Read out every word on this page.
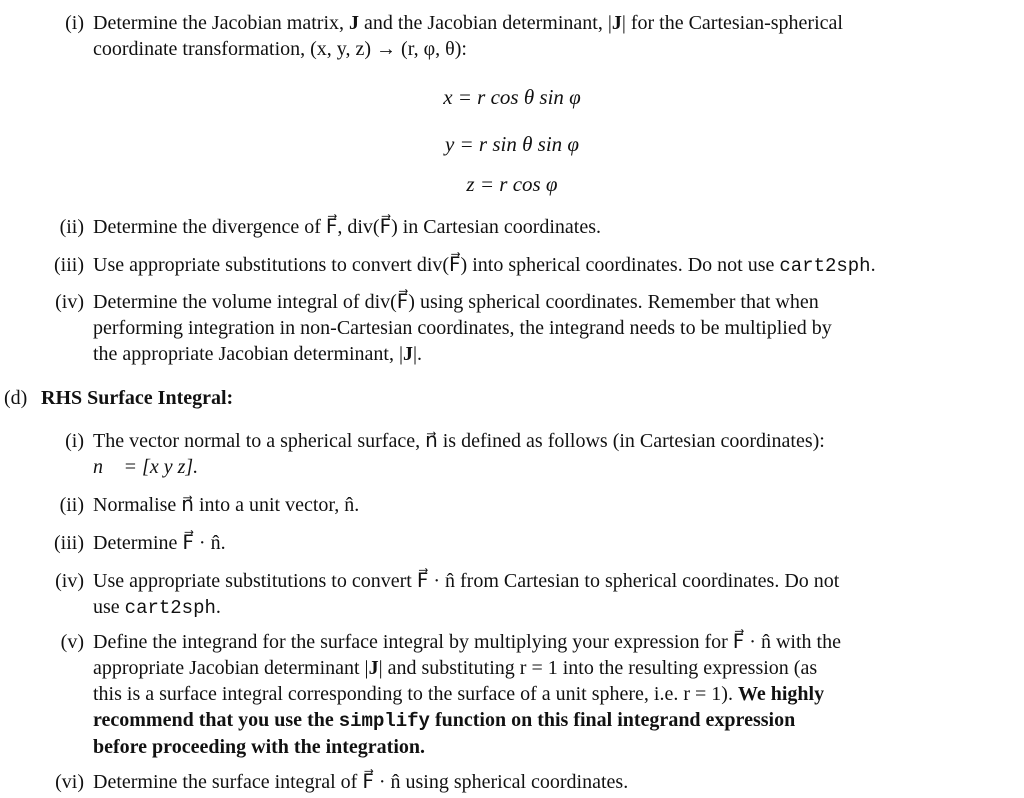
(i) Determine the Jacobian matrix, J and the Jacobian determinant, |J| for the Cartesian-spherical
coordinate transformation, (x, y, z) → (r, φ, θ):
x = r cos θ sin φ
y = r sin θ sin φ
z = r cos φ
(ii) Determine the divergence of F⃗, div(F⃗) in Cartesian coordinates.
(iii) Use appropriate substitutions to convert div(F⃗) into spherical coordinates. Do not use cart2sph.
(iv) Determine the volume integral of div(F⃗) using spherical coordinates. Remember that when
performing integration in non-Cartesian coordinates, the integrand needs to be multiplied by
the appropriate Jacobian determinant, |J|.
(d) RHS Surface Integral:
(i) The vector normal to a spherical surface, n⃗ is defined as follows (in Cartesian coordinates):
n⃗ = [x y z].
(ii) Normalise n⃗ into a unit vector, n̂.
(iii) Determine F⃗ · n̂.
(iv) Use appropriate substitutions to convert F⃗ · n̂ from Cartesian to spherical coordinates. Do not
use cart2sph.
(v) Define the integrand for the surface integral by multiplying your expression for F⃗ · n̂ with the
appropriate Jacobian determinant |J| and substituting r = 1 into the resulting expression (as
this is a surface integral corresponding to the surface of a unit sphere, i.e. r = 1). We highly
recommend that you use the simplify function on this final integrand expression
before proceeding with the integration.
(vi) Determine the surface integral of F⃗ · n̂ using spherical coordinates.
